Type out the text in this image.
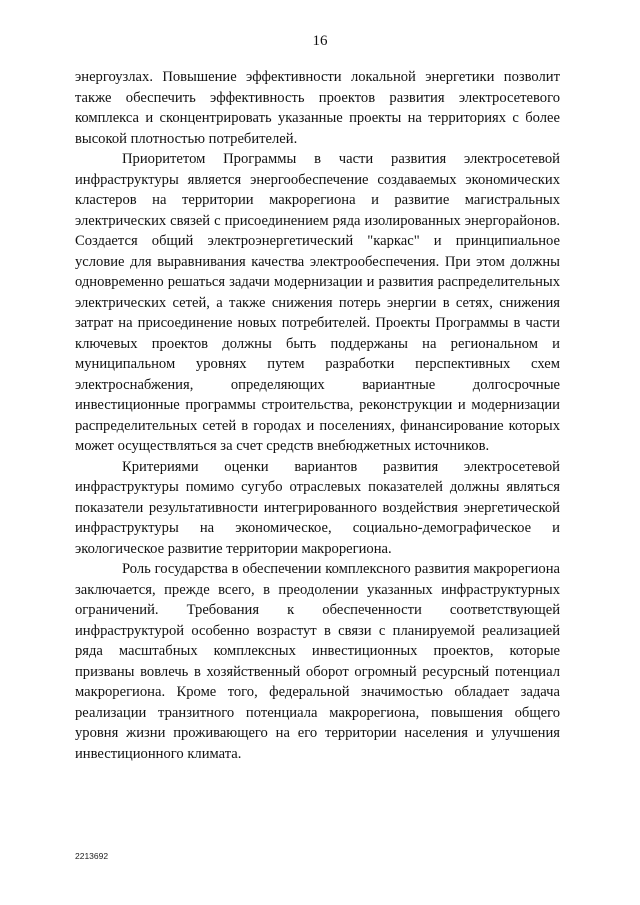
16

энергоузлах. Повышение эффективности локальной энергетики позволит также обеспечить эффективность проектов развития электросетевого комплекса и сконцентрировать указанные проекты на территориях с более высокой плотностью потребителей.

Приоритетом Программы в части развития электросетевой инфраструктуры является энергообеспечение создаваемых экономических кластеров на территории макрорегиона и развитие магистральных электрических связей с присоединением ряда изолированных энергорайонов. Создается общий электроэнергетический "каркас" и принципиальное условие для выравнивания качества электрообеспечения. При этом должны одновременно решаться задачи модернизации и развития распределительных электрических сетей, а также снижения потерь энергии в сетях, снижения затрат на присоединение новых потребителей. Проекты Программы в части ключевых проектов должны быть поддержаны на региональном и муниципальном уровнях путем разработки перспективных схем электроснабжения, определяющих вариантные долгосрочные инвестиционные программы строительства, реконструкции и модернизации распределительных сетей в городах и поселениях, финансирование которых может осуществляться за счет средств внебюджетных источников.

Критериями оценки вариантов развития электросетевой инфраструктуры помимо сугубо отраслевых показателей должны являться показатели результативности интегрированного воздействия энергетической инфраструктуры на экономическое, социально-демографическое и экологическое развитие территории макрорегиона.

Роль государства в обеспечении комплексного развития макрорегиона заключается, прежде всего, в преодолении указанных инфраструктурных ограничений. Требования к обеспеченности соответствующей инфраструктурой особенно возрастут в связи с планируемой реализацией ряда масштабных комплексных инвестиционных проектов, которые призваны вовлечь в хозяйственный оборот огромный ресурсный потенциал макрорегиона. Кроме того, федеральной значимостью обладает задача реализации транзитного потенциала макрорегиона, повышения общего уровня жизни проживающего на его территории населения и улучшения инвестиционного климата.

2213692
